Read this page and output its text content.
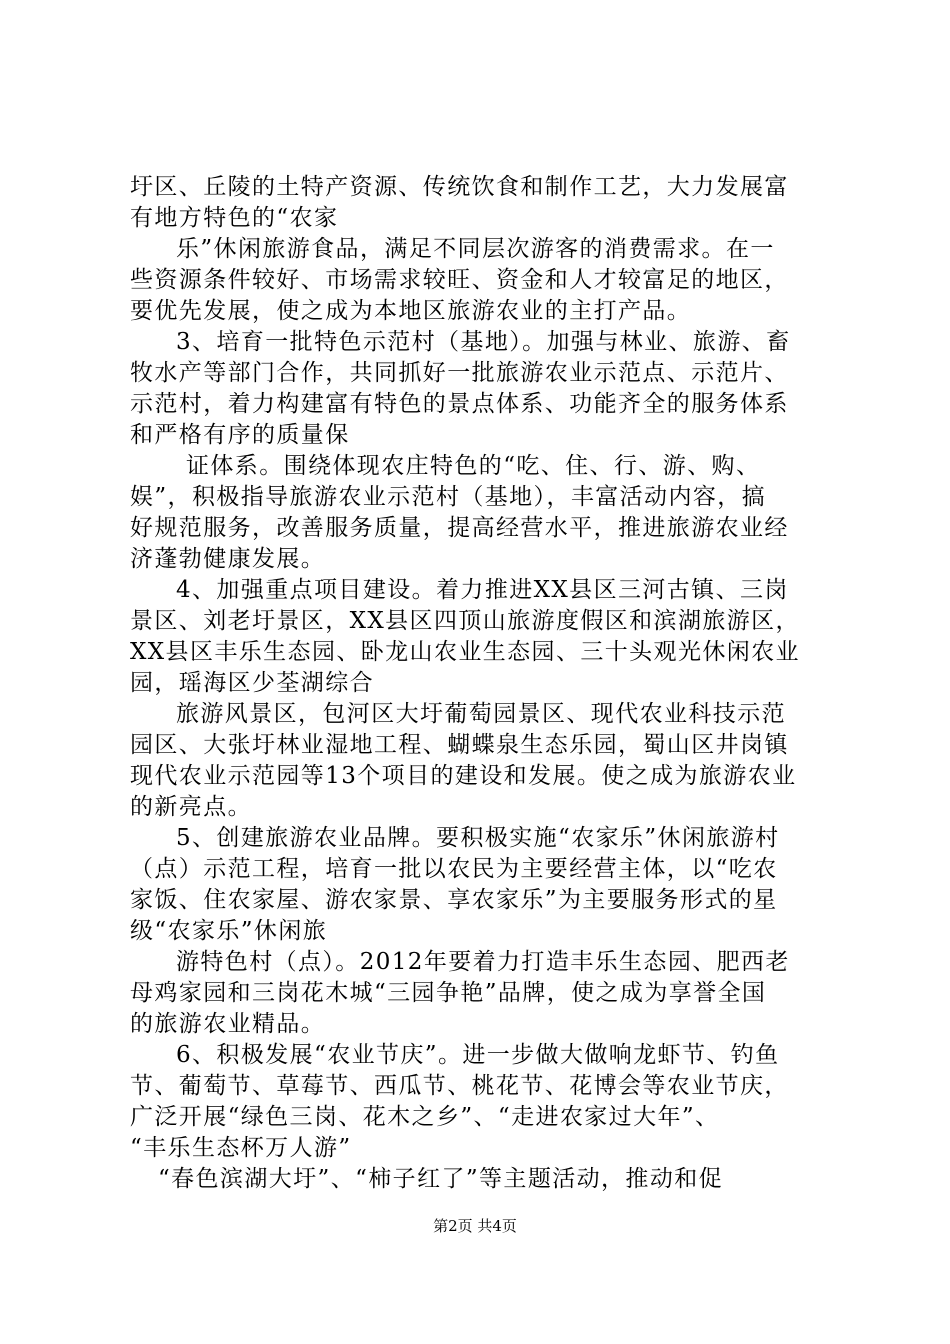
圩区、丘陵的土特产资源、传统饮食和制作工艺，大力发展富
有地方特色的“农家
乐”休闲旅游食品，满足不同层次游客的消费需求。在一
些资源条件较好、市场需求较旺、资金和人才较富足的地区，
要优先发展，使之成为本地区旅游农业的主打产品。
3、培育一批特色示范村（基地）。加强与林业、旅游、畜
牧水产等部门合作，共同抓好一批旅游农业示范点、示范片、
示范村，着力构建富有特色的景点体系、功能齐全的服务体系
和严格有序的质量保
证体系。围绕体现农庄特色的“吃、住、行、游、购、
娱”，积极指导旅游农业示范村（基地），丰富活动内容，搞
好规范服务，改善服务质量，提高经营水平，推进旅游农业经
济蓬勃健康发展。
4、加强重点项目建设。着力推进XX县区三河古镇、三岗
景区、刘老圩景区，XX县区四顶山旅游度假区和滨湖旅游区，
XX县区丰乐生态园、卧龙山农业生态园、三十头观光休闲农业
园，瑶海区少荃湖综合
旅游风景区，包河区大圩葡萄园景区、现代农业科技示范
园区、大张圩林业湿地工程、蝴蝶泉生态乐园，蜀山区井岗镇
现代农业示范园等13个项目的建设和发展。使之成为旅游农业
的新亮点。
5、创建旅游农业品牌。要积极实施“农家乐”休闲旅游村
（点）示范工程，培育一批以农民为主要经营主体，以“吃农
家饭、住农家屋、游农家景、享农家乐”为主要服务形式的星
级“农家乐”休闲旅
游特色村（点）。2012年要着力打造丰乐生态园、肥西老
母鸡家园和三岗花木城“三园争艳”品牌，使之成为享誉全国
的旅游农业精品。
6、积极发展“农业节庆”。进一步做大做响龙虾节、钓鱼
节、葡萄节、草莓节、西瓜节、桃花节、花博会等农业节庆，
广泛开展“绿色三岗、花木之乡”、“走进农家过大年”、
“丰乐生态杯万人游”
“春色滨湖大圩”、“柿子红了”等主题活动，推动和促
第2页 共4页
